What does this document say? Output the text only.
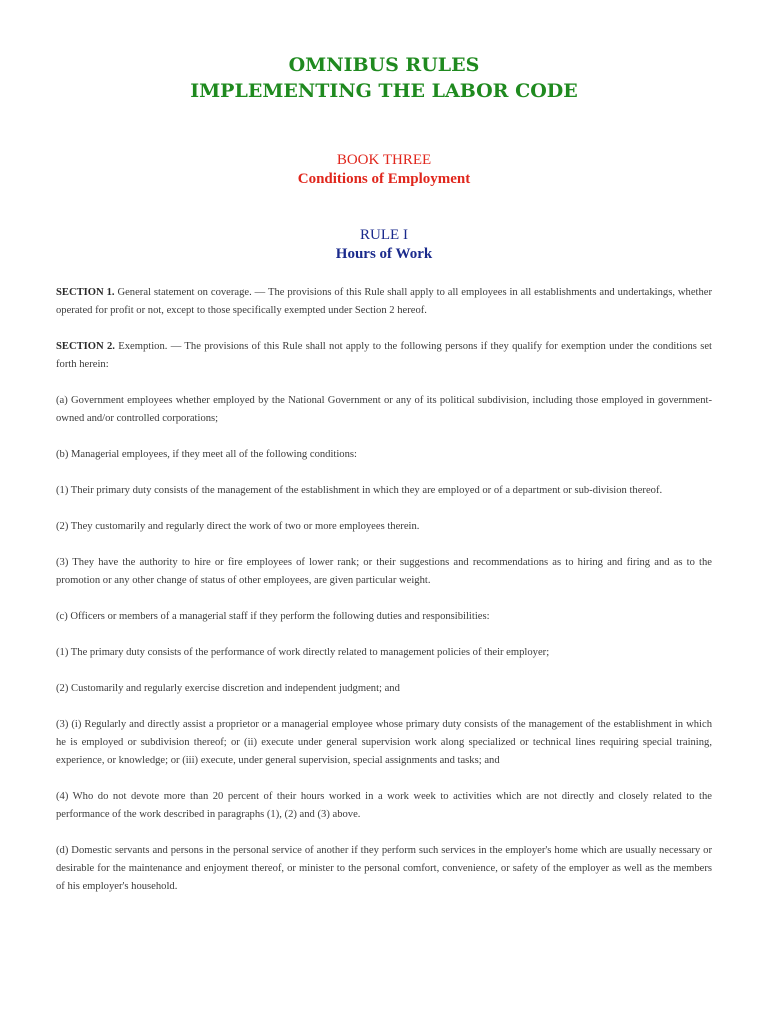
OMNIBUS RULES

IMPLEMENTING THE LABOR CODE

BOOK THREE
Conditions of Employment
RULE I
Hours of Work

SECTION 1. General statement on coverage. — The provisions of this Rule shall apply to all employees in all establishments and undertakings, whether operated for profit or not, except to those specifically exempted under Section 2 hereof.

SECTION 2. Exemption. — The provisions of this Rule shall not apply to the following persons if they qualify for exemption under the conditions set forth herein:

(a) Government employees whether employed by the National Government or any of its political subdivision, including those employed in government-owned and/or controlled corporations;

(b) Managerial employees, if they meet all of the following conditions:

(1) Their primary duty consists of the management of the establishment in which they are employed or of a department or sub-division thereof.

(2) They customarily and regularly direct the work of two or more employees therein.

(3) They have the authority to hire or fire employees of lower rank; or their suggestions and recommendations as to hiring and firing and as to the promotion or any other change of status of other employees, are given particular weight.

(c) Officers or members of a managerial staff if they perform the following duties and responsibilities:

(1) The primary duty consists of the performance of work directly related to management policies of their employer;

(2) Customarily and regularly exercise discretion and independent judgment; and

(3) (i) Regularly and directly assist a proprietor or a managerial employee whose primary duty consists of the management of the establishment in which he is employed or subdivision thereof; or (ii) execute under general supervision work along specialized or technical lines requiring special training, experience, or knowledge; or (iii) execute, under general supervision, special assignments and tasks; and

(4) Who do not devote more than 20 percent of their hours worked in a work week to activities which are not directly and closely related to the performance of the work described in paragraphs (1), (2) and (3) above.

(d) Domestic servants and persons in the personal service of another if they perform such services in the employer's home which are usually necessary or desirable for the maintenance and enjoyment thereof, or minister to the personal comfort, convenience, or safety of the employer as well as the members of his employer's household.
